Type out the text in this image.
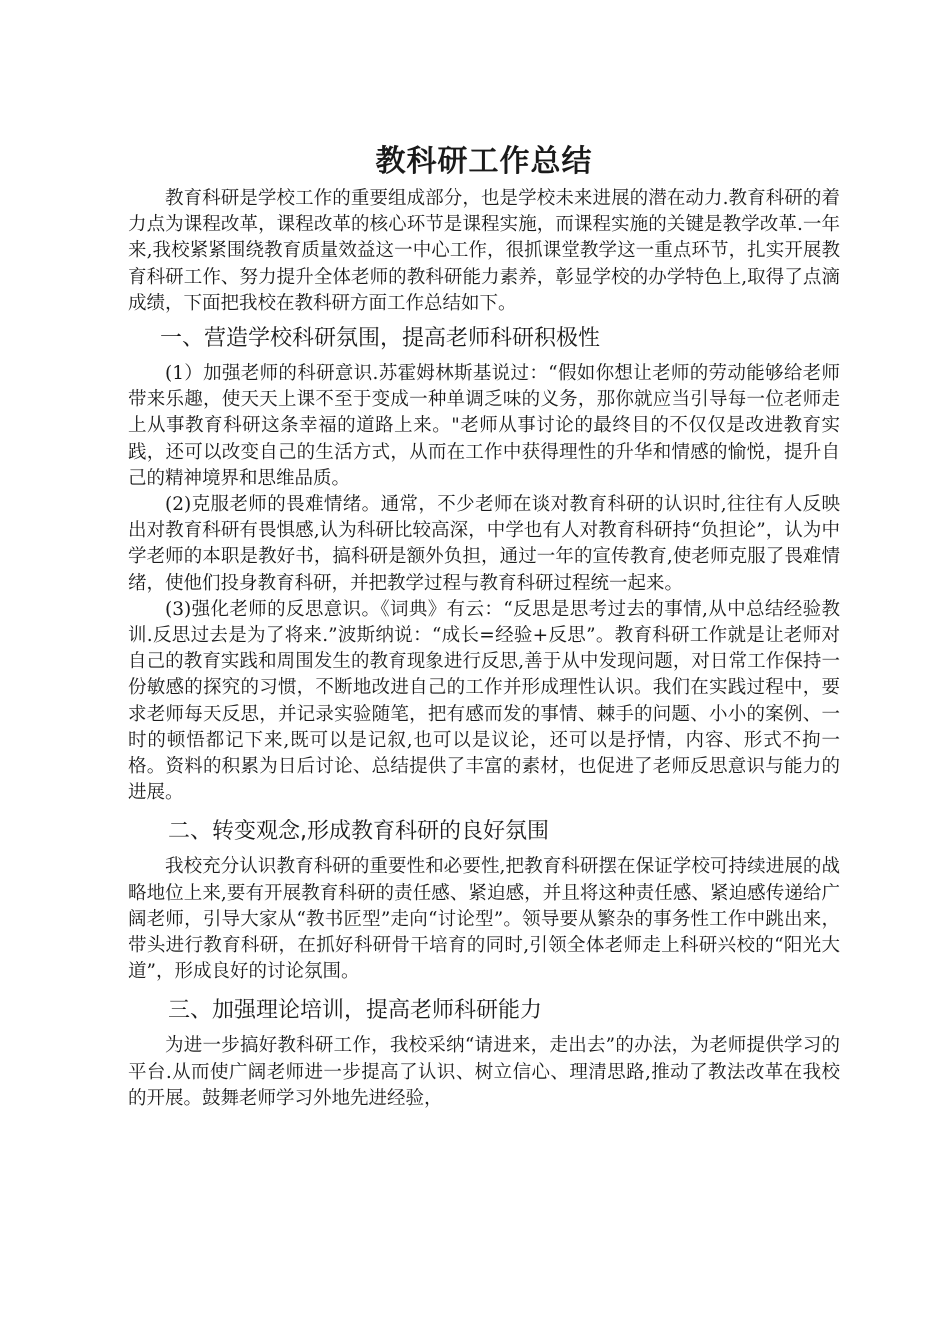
教科研工作总结

教育科研是学校工作的重要组成部分，也是学校未来进展的潜在动力.教育科研的着力点为课程改革，课程改革的核心环节是课程实施，而课程实施的关键是教学改革.一年来,我校紧紧围绕教育质量效益这一中心工作，很抓课堂教学这一重点环节，扎实开展教育科研工作、努力提升全体老师的教科研能力素养，彰显学校的办学特色上,取得了点滴成绩，下面把我校在教科研方面工作总结如下。

一、营造学校科研氛围，提高老师科研积极性

(1）加强老师的科研意识.苏霍姆林斯基说过：“假如你想让老师的劳动能够给老师带来乐趣，使天天上课不至于变成一种单调乏味的义务，那你就应当引导每一位老师走上从事教育科研这条幸福的道路上来。"老师从事讨论的最终目的不仅仅是改进教育实践，还可以改变自己的生活方式，从而在工作中获得理性的升华和情感的愉悦，提升自己的精神境界和思维品质。

(2)克服老师的畏难情绪。通常，不少老师在谈对教育科研的认识时,往往有人反映出对教育科研有畏惧感,认为科研比较高深，中学也有人对教育科研持“负担论”，认为中学老师的本职是教好书，搞科研是额外负担，通过一年的宣传教育,使老师克服了畏难情绪，使他们投身教育科研，并把教学过程与教育科研过程统一起来。

(3)强化老师的反思意识。《词典》有云：“反思是思考过去的事情,从中总结经验教训.反思过去是为了将来.”波斯纳说：“成长=经验+反思”。教育科研工作就是让老师对自己的教育实践和周围发生的教育现象进行反思,善于从中发现问题，对日常工作保持一份敏感的探究的习惯，不断地改进自己的工作并形成理性认识。我们在实践过程中，要求老师每天反思，并记录实验随笔，把有感而发的事情、棘手的问题、小小的案例、一时的顿悟都记下来,既可以是记叙,也可以是议论，还可以是抒情，内容、形式不拘一格。资料的积累为日后讨论、总结提供了丰富的素材，也促进了老师反思意识与能力的进展。

二、转变观念,形成教育科研的良好氛围

我校充分认识教育科研的重要性和必要性,把教育科研摆在保证学校可持续进展的战略地位上来,要有开展教育科研的责任感、紧迫感，并且将这种责任感、紧迫感传递给广阔老师，引导大家从“教书匠型”走向“讨论型”。领导要从繁杂的事务性工作中跳出来，带头进行教育科研，在抓好科研骨干培育的同时,引领全体老师走上科研兴校的“阳光大道”，形成良好的讨论氛围。

三、加强理论培训，提高老师科研能力

为进一步搞好教科研工作，我校采纳“请进来，走出去”的办法，为老师提供学习的平台.从而使广阔老师进一步提高了认识、树立信心、理清思路,推动了教法改革在我校的开展。鼓舞老师学习外地先进经验，
